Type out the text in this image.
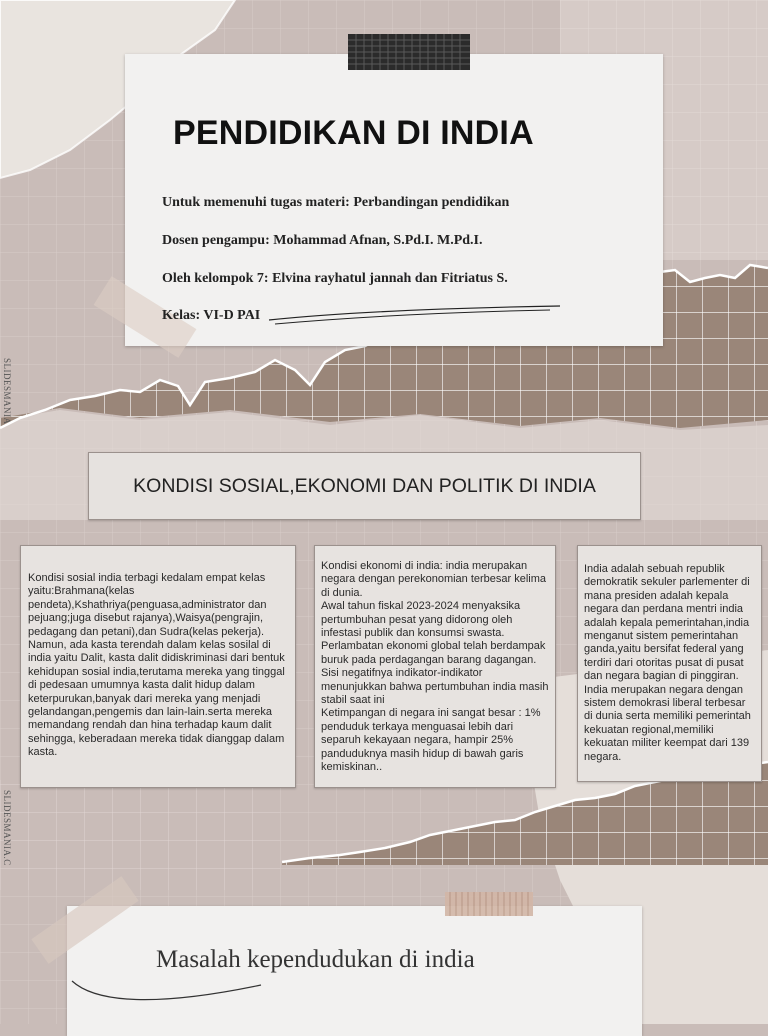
PENDIDIKAN DI INDIA
Untuk memenuhi tugas materi: Perbandingan pendidikan
Dosen pengampu: Mohammad Afnan, S.Pd.I. M.Pd.I.
Oleh kelompok 7: Elvina rayhatul jannah dan Fitriatus S.
Kelas: VI-D PAI
KONDISI SOSIAL,EKONOMI DAN POLITIK DI INDIA
Kondisi sosial india terbagi kedalam empat kelas yaitu:Brahmana(kelas
pendeta),Kshathriya(penguasa,administrator dan pejuang;juga disebut rajanya),Waisya(pengrajin, pedagang dan petani),dan Sudra(kelas pekerja).
Namun, ada kasta terendah dalam kelas sosilal di india yaitu Dalit, kasta dalit didiskriminasi dari bentuk kehidupan sosial india,terutama mereka yang tinggal di pedesaan umumnya kasta dalit hidup dalam keterpurukan,banyak dari mereka yang menjadi gelandangan,pengemis dan lain-lain.serta mereka memandang rendah dan hina terhadap kaum dalit sehingga, keberadaan mereka tidak dianggap dalam kasta.
Kondisi ekonomi di india: india merupakan negara dengan perekonomian terbesar kelima di dunia.
Awal tahun fiskal 2023-2024 menyaksika pertumbuhan pesat yang didorong oleh infestasi publik dan konsumsi swasta.
Perlambatan ekonomi global telah berdampak buruk pada perdagangan barang dagangan.
Sisi negatifnya indikator-indikator menunjukkan bahwa pertumbuhan india masih stabil saat ini
Ketimpangan di negara ini sangat besar : 1% penduduk terkaya menguasai lebih dari separuh kekayaan negara, hampir 25% panduduknya masih hidup di bawah garis kemiskinan..
India adalah sebuah republik demokratik sekuler parlementer di mana presiden adalah kepala negara dan perdana mentri india adalah kepala pemerintahan,india menganut sistem pemerintahan ganda,yaitu bersifat federal yang terdiri dari otoritas pusat di pusat dan negara bagian di pinggiran.
India merupakan negara dengan sistem demokrasi liberal terbesar di dunia serta memiliki pemerintah kekuatan regional,memiliki kekuatan militer keempat dari 139 negara.
Masalah kependudukan di india
SLIDESMANIA
SLIDESMANIA.C
